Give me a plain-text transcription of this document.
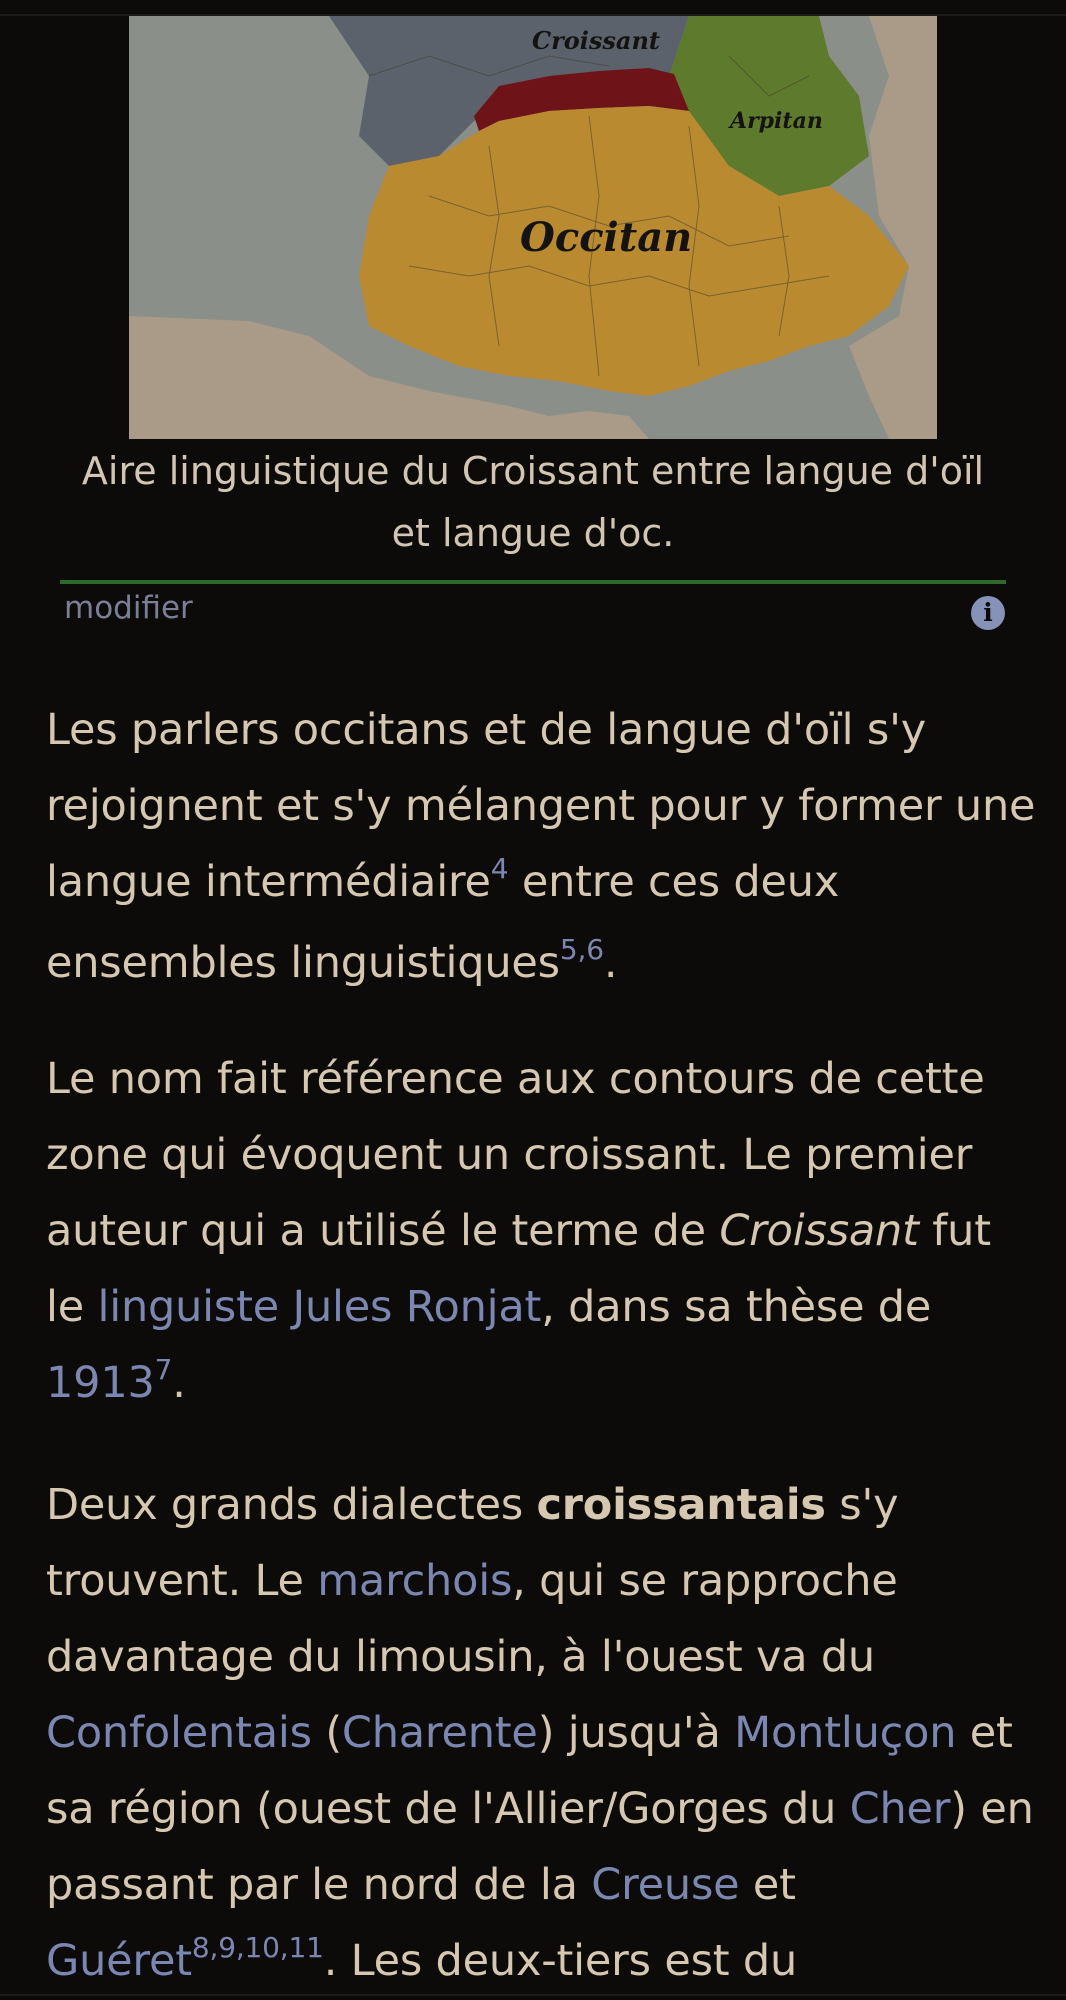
Croissant
Arpitan
Occitan
Aire linguistique du Croissant entre langue d'oïl et langue d'oc.
modifier	i

Les parlers occitans et de langue d'oïl s'y rejoignent et s'y mélangent pour y former une langue intermédiaire$^4$ entre ces deux ensembles linguistiques$^{5,6}$.

Le nom fait référence aux contours de cette zone qui évoquent un croissant. Le premier auteur qui a utilisé le terme de Croissant fut le linguiste Jules Ronjat, dans sa thèse de 1913$^7$.

Deux grands dialectes croissantais s'y trouvent. Le marchois, qui se rapproche davantage du limousin, à l'ouest va du Confolentais (Charente) jusqu'à Montluçon et sa région (ouest de l'Allier/Gorges du Cher) en passant par le nord de la Creuse et Guéret$^{8,9,10,11}$. Les deux-tiers est du
